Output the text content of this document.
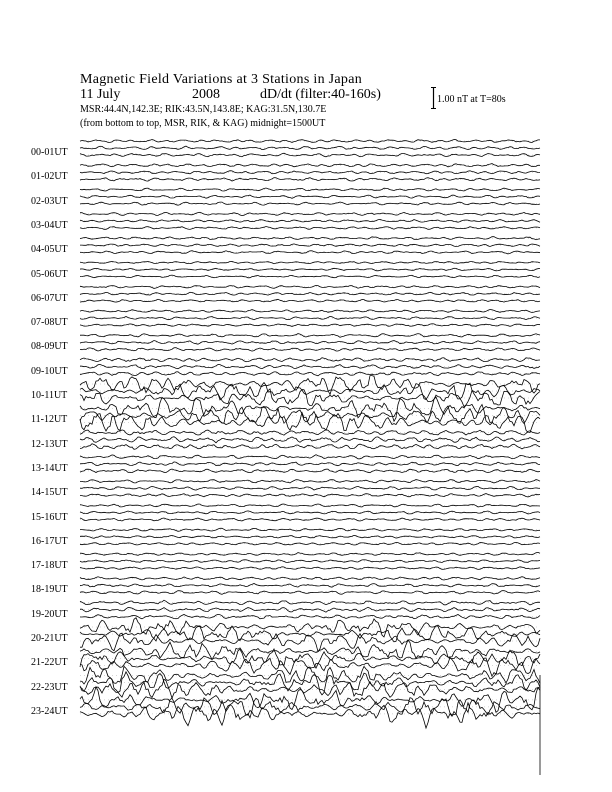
Magnetic Field Variations at 3 Stations in Japan
11 July	2008	dD/dt (filter:40-160s)
MSR:44.4N,142.3E; RIK:43.5N,143.8E; KAG:31.5N,130.7E
(from bottom to top, MSR, RIK, & KAG) midnight=1500UT
1.00 nT at T=80s
00-01UT
01-02UT
02-03UT
03-04UT
04-05UT
05-06UT
06-07UT
07-08UT
08-09UT
09-10UT
10-11UT
11-12UT
12-13UT
13-14UT
14-15UT
15-16UT
16-17UT
17-18UT
18-19UT
19-20UT
20-21UT
21-22UT
22-23UT
23-24UT
